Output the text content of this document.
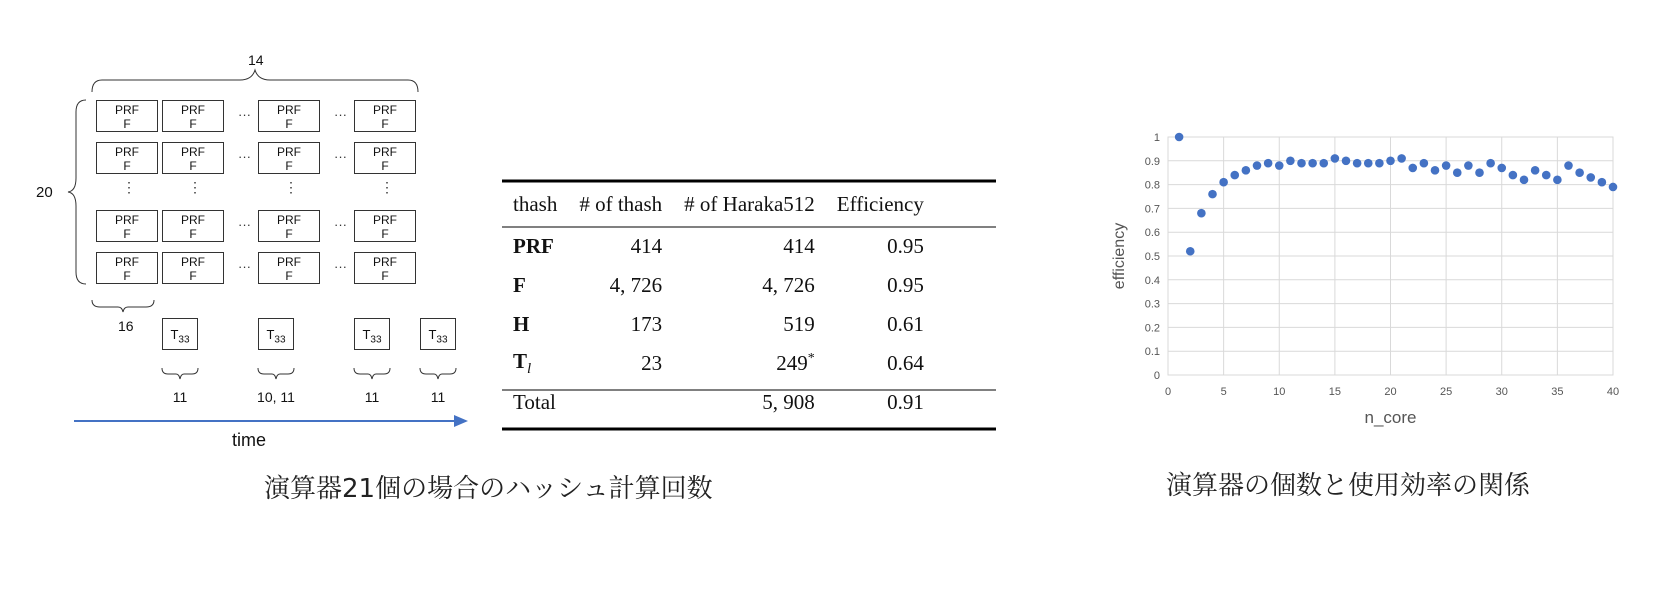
14
20
PRF
F
PRF
F
PRF
F
PRF
F
···	···
PRF
F
PRF
F
PRF
F
PRF
F
···	···
PRF
F
PRF
F
PRF
F
PRF
F
···	···
PRF
F
PRF
F
PRF
F
PRF
F
···	···
⋮	⋮	⋮	⋮
16
$T_{33}$
11
$T_{33}$
10, 11
$T_{33}$
11
$T_{33}$
11
time
thash	# of thash	# of Haraka512	Efficiency
PRF	414	414	0.95
F	4, 726	4, 726	0.95
H	173	519	0.61
$T_l$	23	249*	0.64
Total		5, 908	0.91
演算器21個の場合のハッシュ計算回数
0
0.1
0.2
0.3
0.4
0.5
0.6
0.7
0.8
0.9
1
0	5	10	15	20	25	30	35	40
n_core
efficiency
演算器の個数と使用効率の関係
